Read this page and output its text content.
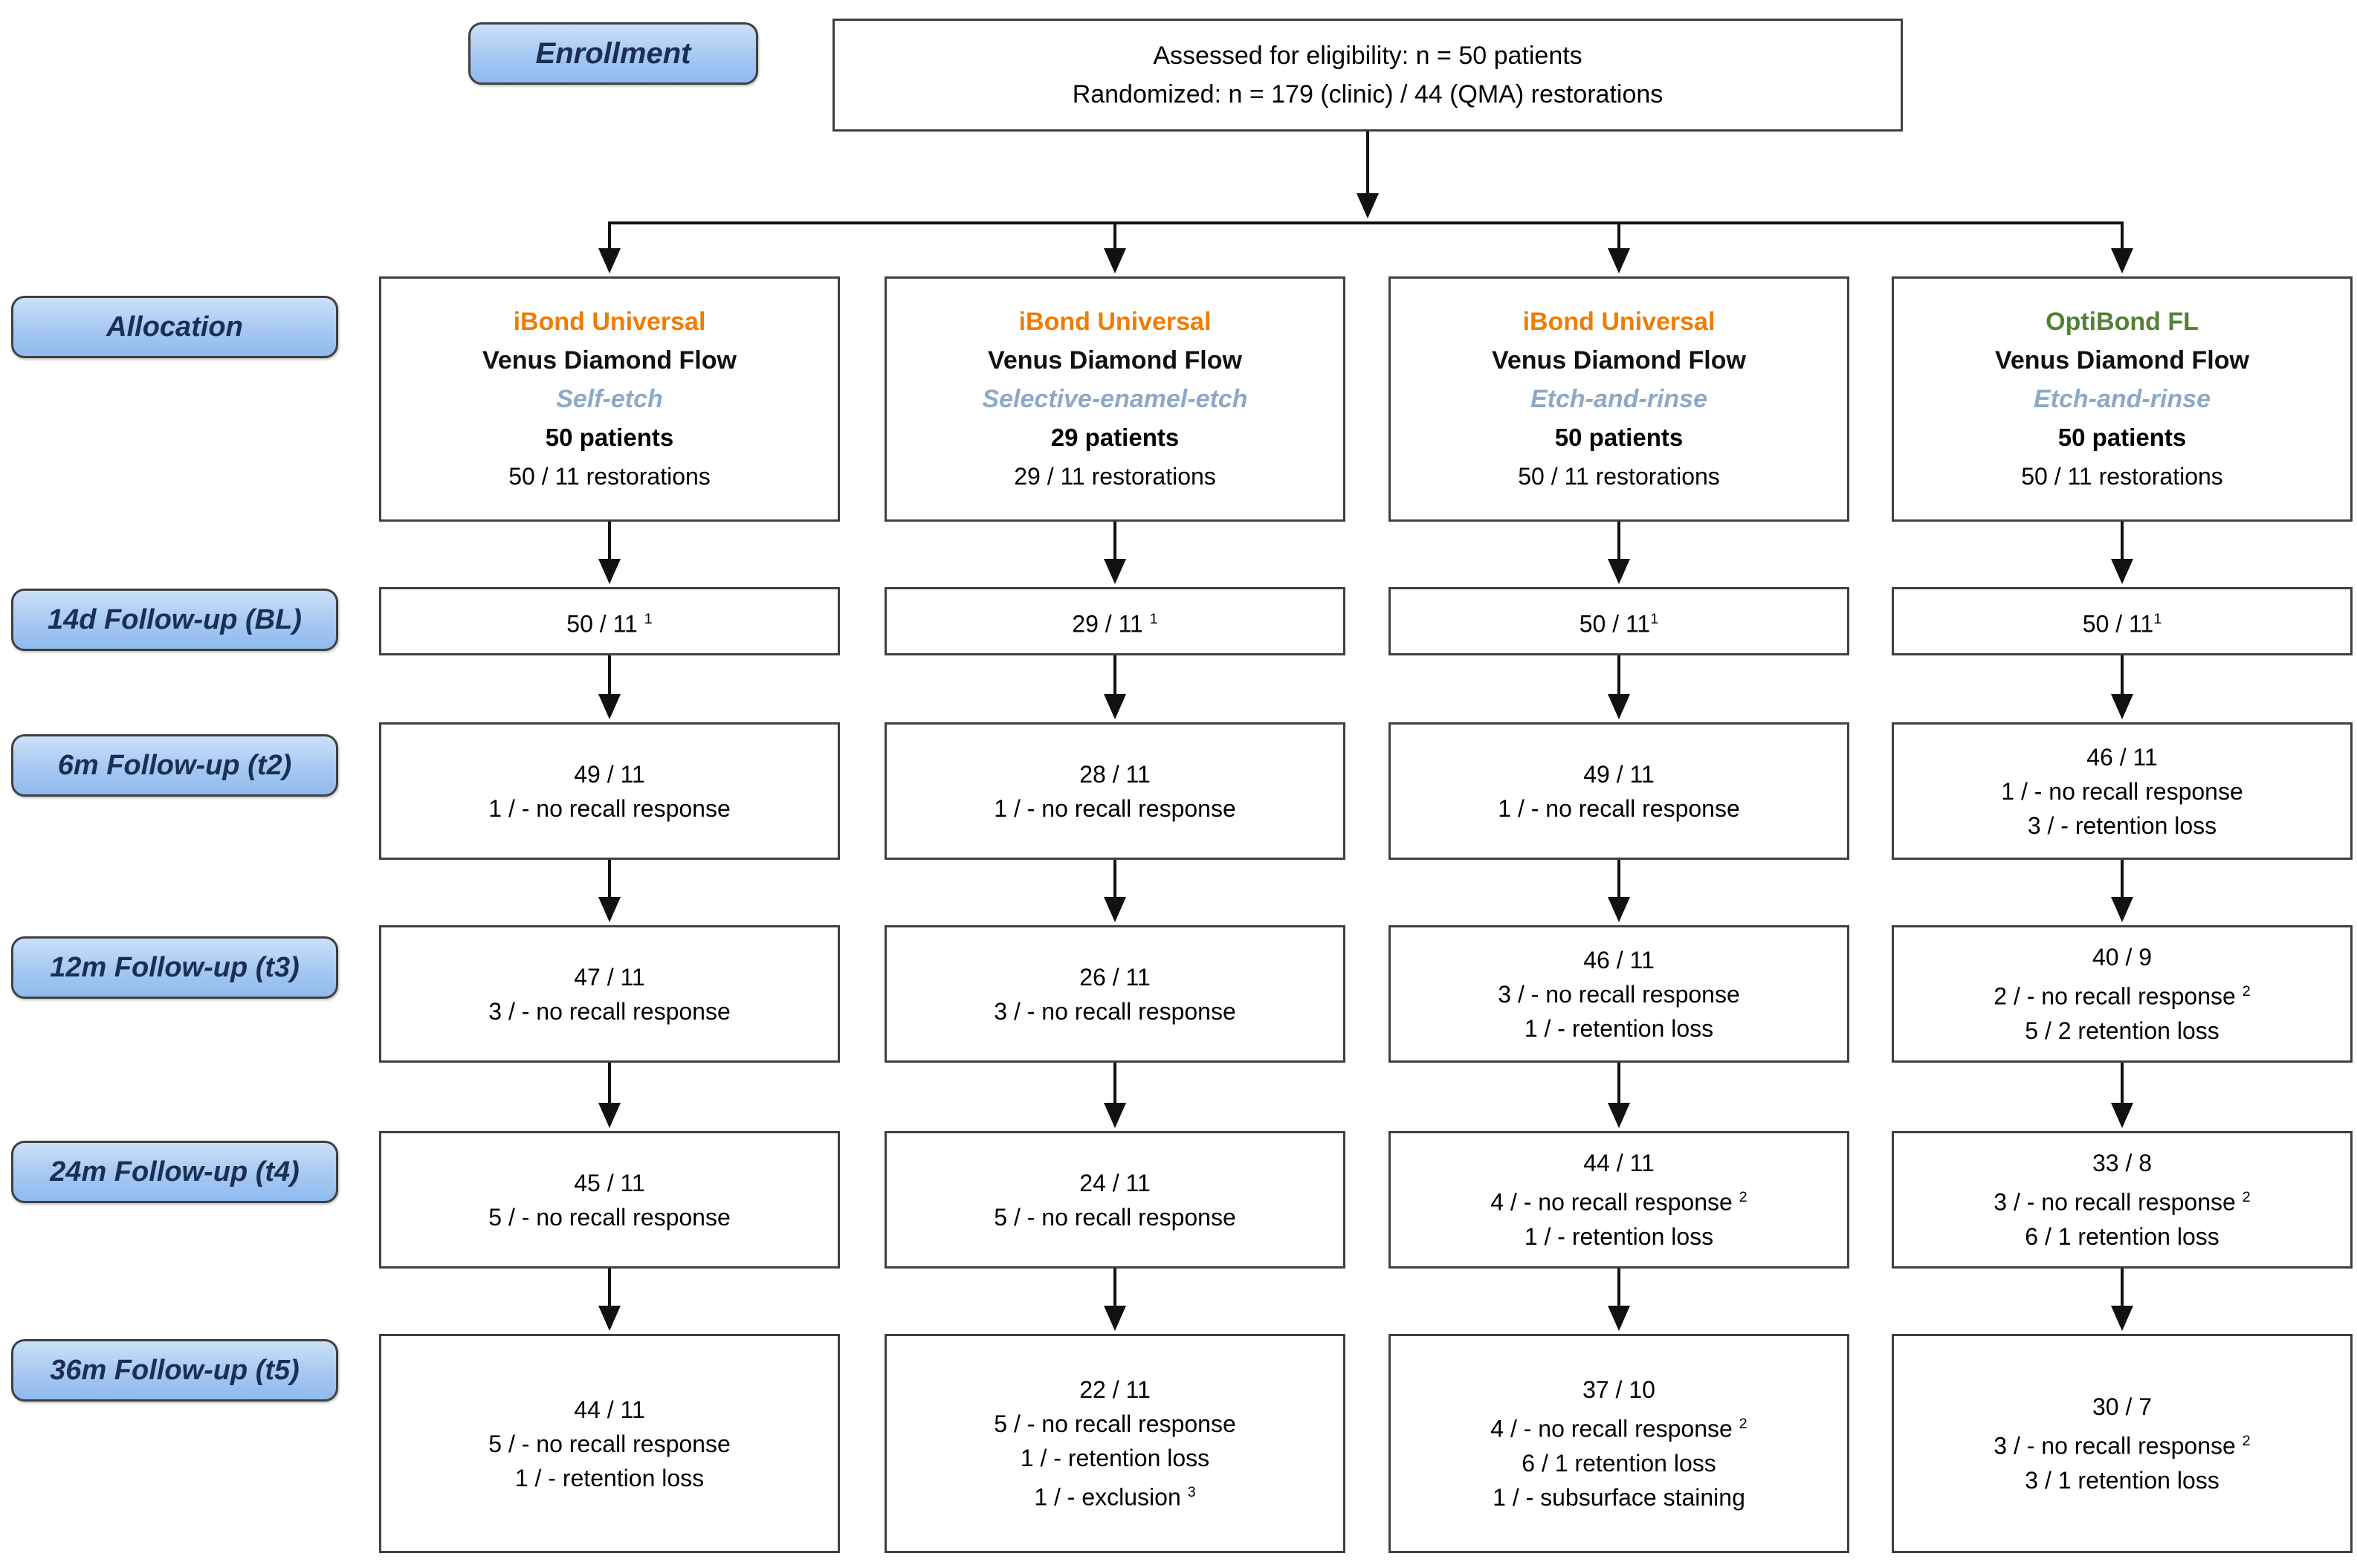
Enrollment	Assessed for eligibility: n = 50 patients
Randomized: n = 179 (clinic) / 44 (QMA) restorations
Allocation
14d Follow-up (BL)
6m Follow-up (t2)
12m Follow-up (t3)
24m Follow-up (t4)
36m Follow-up (t5)
iBond Universal
Venus Diamond Flow
Self-etch
50 patients
50 / 11 restorations
50 / 11 $^1$
49 / 11
1 / - no recall response
47 / 11
3 / - no recall response
45 / 11
5 / - no recall response
44 / 11
5 / - no recall response
1 / - retention loss
iBond Universal
Venus Diamond Flow
Selective-enamel-etch
29 patients
29 / 11 restorations
29 / 11 $^1$
28 / 11
1 / - no recall response
26 / 11
3 / - no recall response
24 / 11
5 / - no recall response
22 / 11
5 / - no recall response
1 / - retention loss
1 / - exclusion $^3$
iBond Universal
Venus Diamond Flow
Etch-and-rinse
50 patients
50 / 11 restorations
$50 / 11^1$
49 / 11
1 / - no recall response
46 / 11
3 / - no recall response
1 / - retention loss
44 / 11
4 / - no recall response $^2$
1 / - retention loss
37 / 10
4 / - no recall response $^2$
6 / 1 retention loss
1 / - subsurface staining
OptiBond FL
Venus Diamond Flow
Etch-and-rinse
50 patients
50 / 11 restorations
$50 / 11^1$
46 / 11
1 / - no recall response
3 / - retention loss
40 / 9
2 / - no recall response $^2$
5 / 2 retention loss
33 / 8
3 / - no recall response $^2$
6 / 1 retention loss
30 / 7
3 / - no recall response $^2$
3 / 1 retention loss
